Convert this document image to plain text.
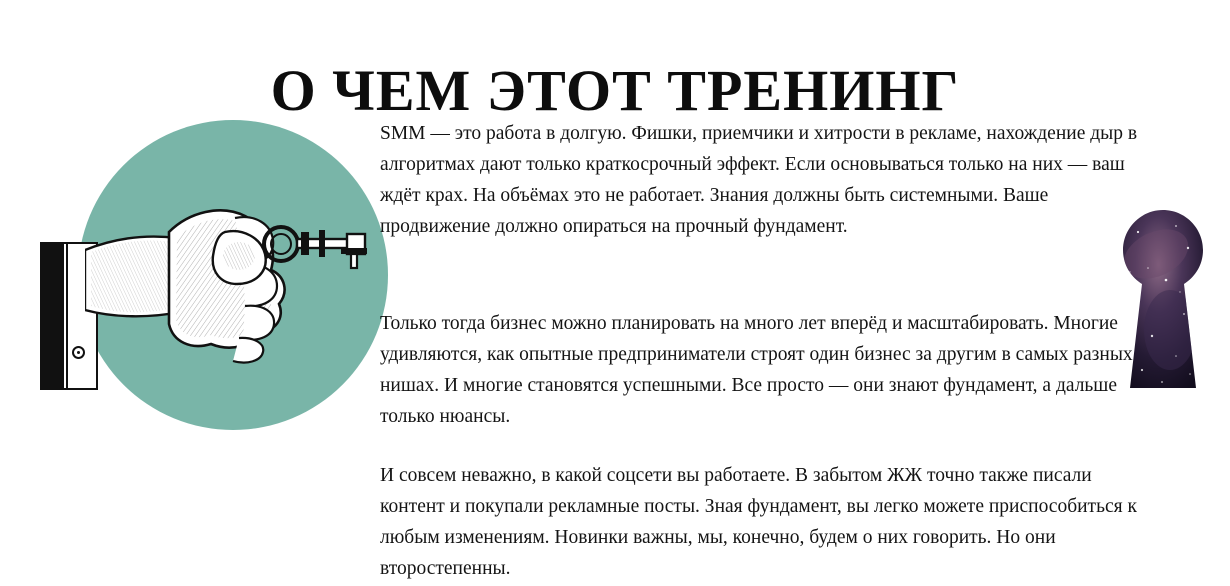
О ЧЕМ ЭТОТ ТРЕНИНГ

SMM — это работа в долгую. Фишки, приемчики и хитрости в рекламе, нахождение дыр в алгоритмах дают только краткосрочный эффект. Если основываться только на них — ваш ждёт крах. На объёмах это не работает. Знания должны быть системными. Ваше продвижение должно опираться на прочный фундамент.

Только тогда бизнес можно планировать на много лет вперёд и масштабировать. Многие удивляются, как опытные предприниматели строят один бизнес за другим в самых разных нишах. И многие становятся успешными. Все просто — они знают фундамент, а дальше только нюансы.

И совсем неважно, в какой соцсети вы работаете. В забытом ЖЖ точно также писали контент и покупали рекламные посты. Зная фундамент, вы легко можете приспособиться к любым изменениям. Новинки важны, мы, конечно, будем о них говорить. Но они второстепенны.
